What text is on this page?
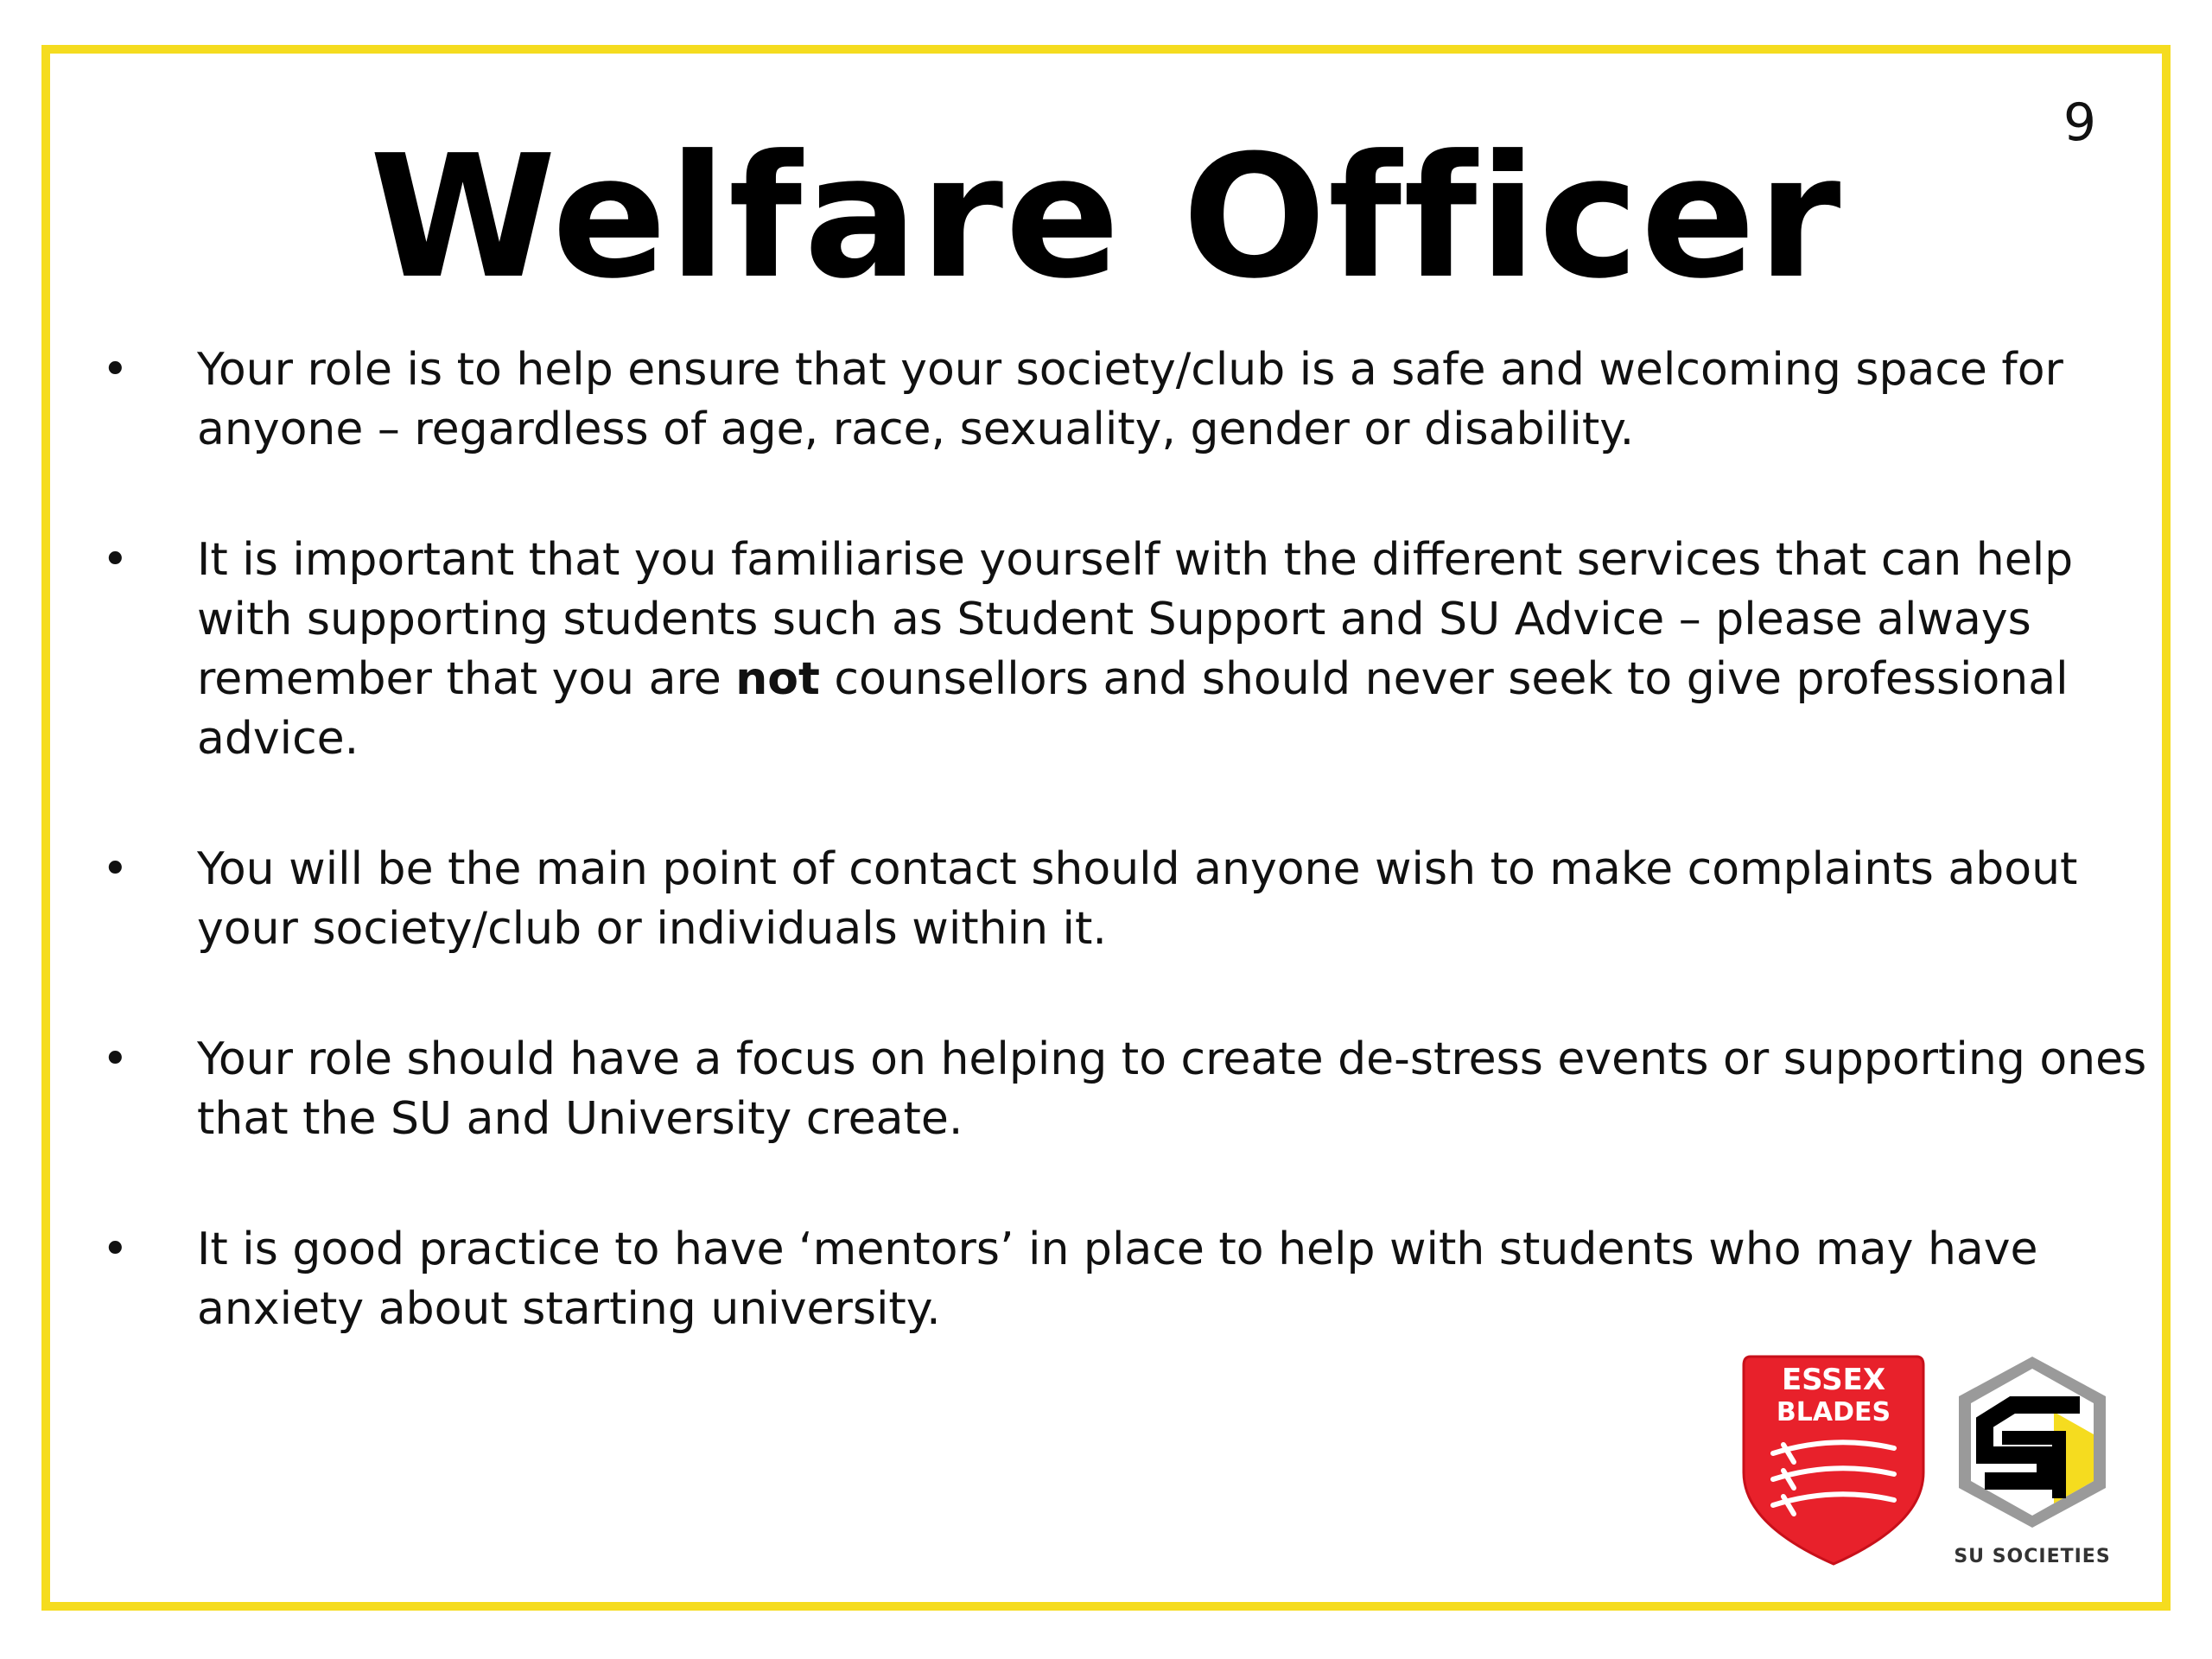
Welfare Officer	9
• Your role is to help ensure that your society/club is a safe and welcoming space for anyone – regardless of age, race, sexuality, gender or disability.
• It is important that you familiarise yourself with the different services that can help with supporting students such as Student Support and SU Advice – please always remember that you are not counsellors and should never seek to give professional advice.
• You will be the main point of contact should anyone wish to make complaints about your society/club or individuals within it.
• Your role should have a focus on helping to create de-stress events or supporting ones that the SU and University create.
• It is good practice to have ‘mentors’ in place to help with students who may have anxiety about starting university.
ESSEX
BLADES
SU SOCIETIES
